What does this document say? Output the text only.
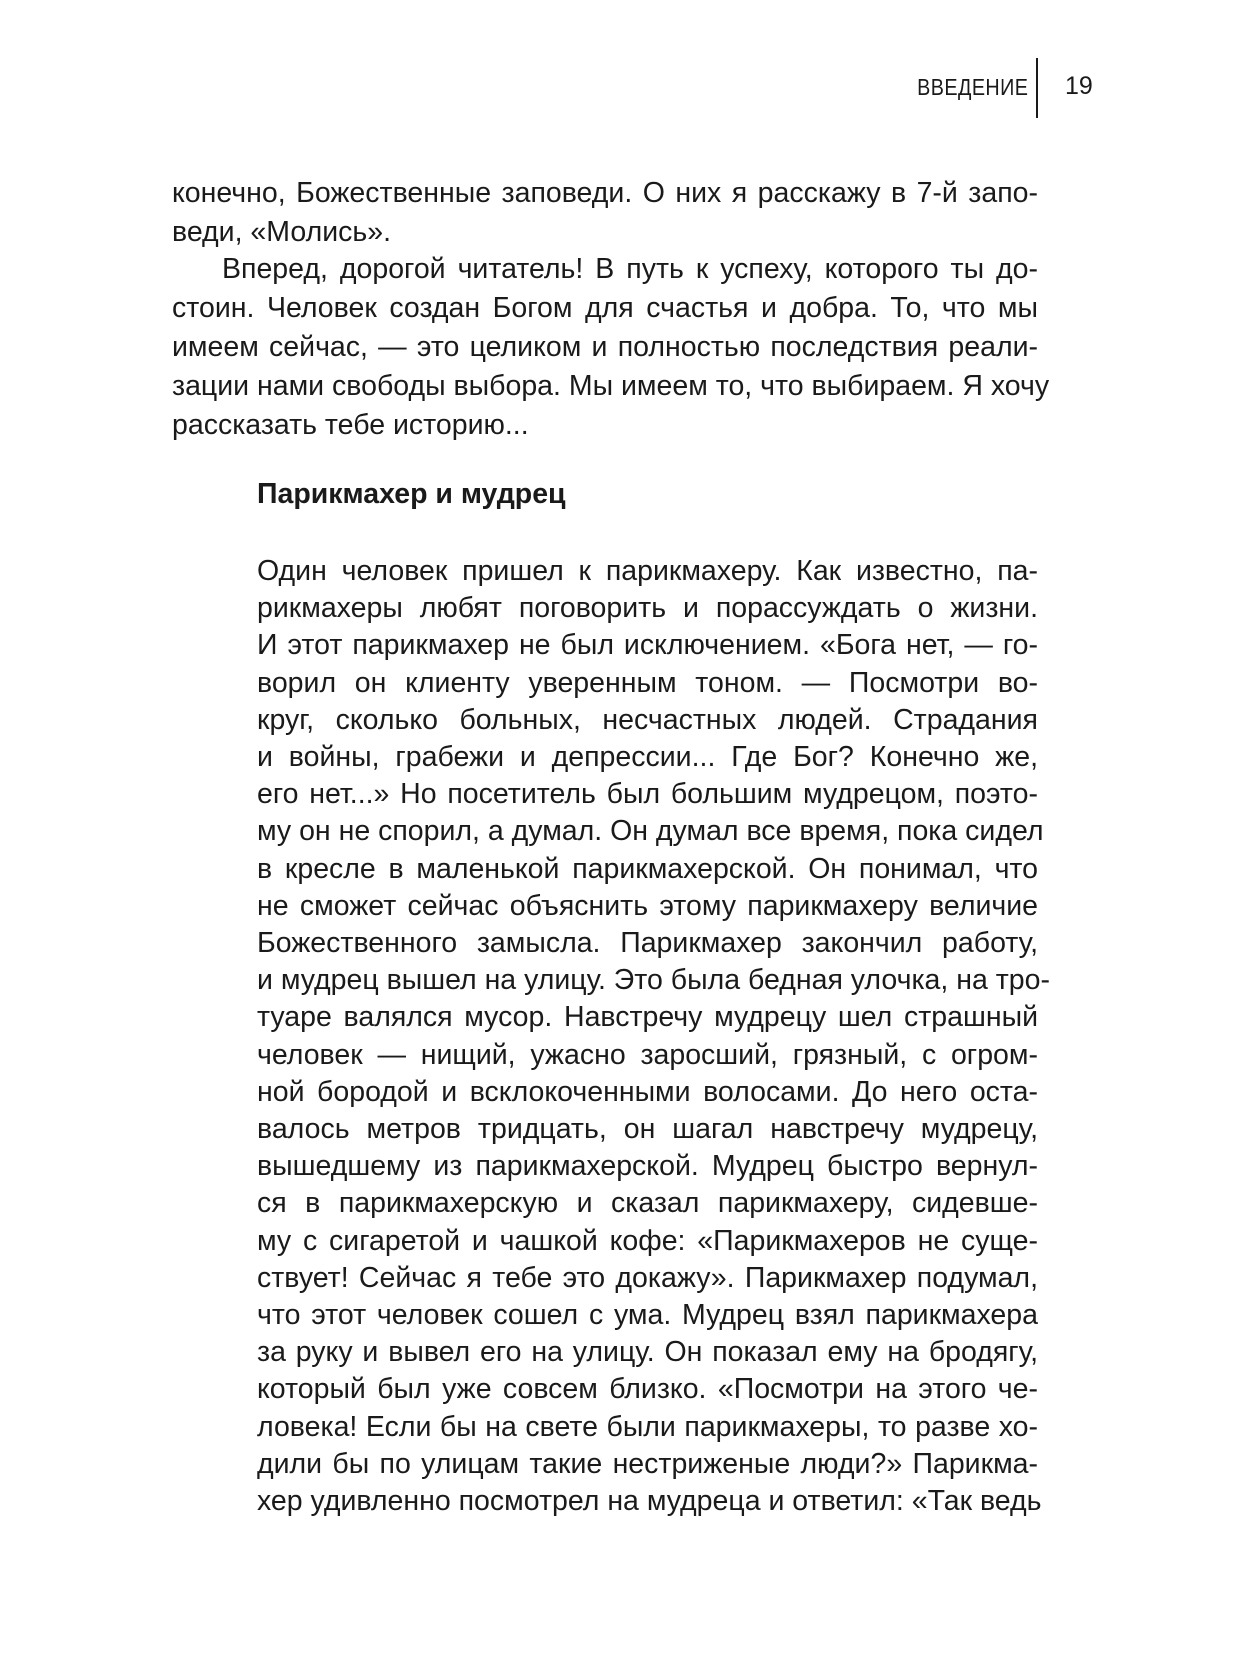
ВВЕДЕНИЕ 19
конечно, Божественные заповеди. О них я расскажу в 7-й запо-
веди, «Молись».
Вперед, дорогой читатель! В путь к успеху, которого ты до-
стоин. Человек создан Богом для счастья и добра. То, что мы
имеем сейчас, — это целиком и полностью последствия реали-
зации нами свободы выбора. Мы имеем то, что выбираем. Я хочу
рассказать тебе историю...
Парикмахер и мудрец
Один человек пришел к парикмахеру. Как известно, па-
рикмахеры любят поговорить и порассуждать о жизни.
И этот парикмахер не был исключением. «Бога нет, — го-
ворил он клиенту уверенным тоном. — Посмотри во-
круг, сколько больных, несчастных людей. Страдания
и войны, грабежи и депрессии... Где Бог? Конечно же,
его нет...» Но посетитель был большим мудрецом, поэто-
му он не спорил, а думал. Он думал все время, пока сидел
в кресле в маленькой парикмахерской. Он понимал, что
не сможет сейчас объяснить этому парикмахеру величие
Божественного замысла. Парикмахер закончил работу,
и мудрец вышел на улицу. Это была бедная улочка, на тро-
туаре валялся мусор. Навстречу мудрецу шел страшный
человек — нищий, ужасно заросший, грязный, с огром-
ной бородой и всклокоченными волосами. До него оста-
валось метров тридцать, он шагал навстречу мудрецу,
вышедшему из парикмахерской. Мудрец быстро вернул-
ся в парикмахерскую и сказал парикмахеру, сидевше-
му с сигаретой и чашкой кофе: «Парикмахеров не суще-
ствует! Сейчас я тебе это докажу». Парикмахер подумал,
что этот человек сошел с ума. Мудрец взял парикмахера
за руку и вывел его на улицу. Он показал ему на бродягу,
который был уже совсем близко. «Посмотри на этого че-
ловека! Если бы на свете были парикмахеры, то разве хо-
дили бы по улицам такие нестриженые люди?» Парикма-
хер удивленно посмотрел на мудреца и ответил: «Так ведь
